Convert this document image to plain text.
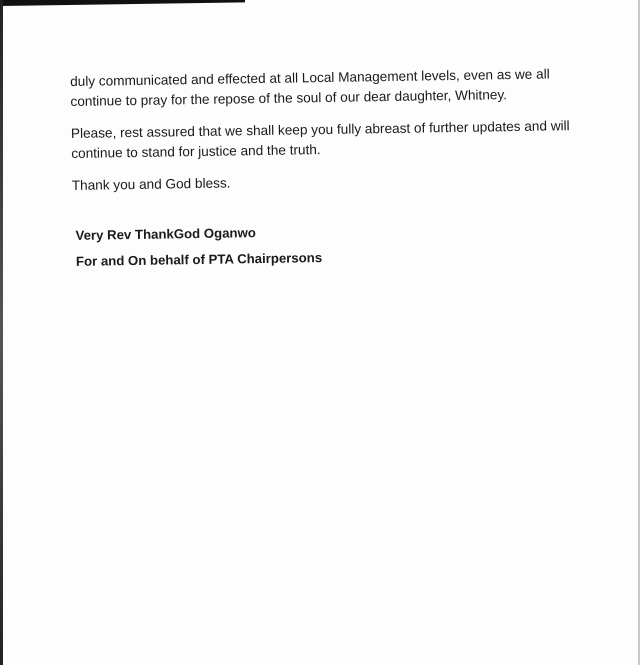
duly communicated and effected at all Local Management levels, even as we all continue to pray for the repose of the soul of our dear daughter, Whitney.

Please, rest assured that we shall keep you fully abreast of further updates and will continue to stand for justice and the truth.

Thank you and God bless.

Very Rev ThankGod Oganwo

For and On behalf of PTA Chairpersons
